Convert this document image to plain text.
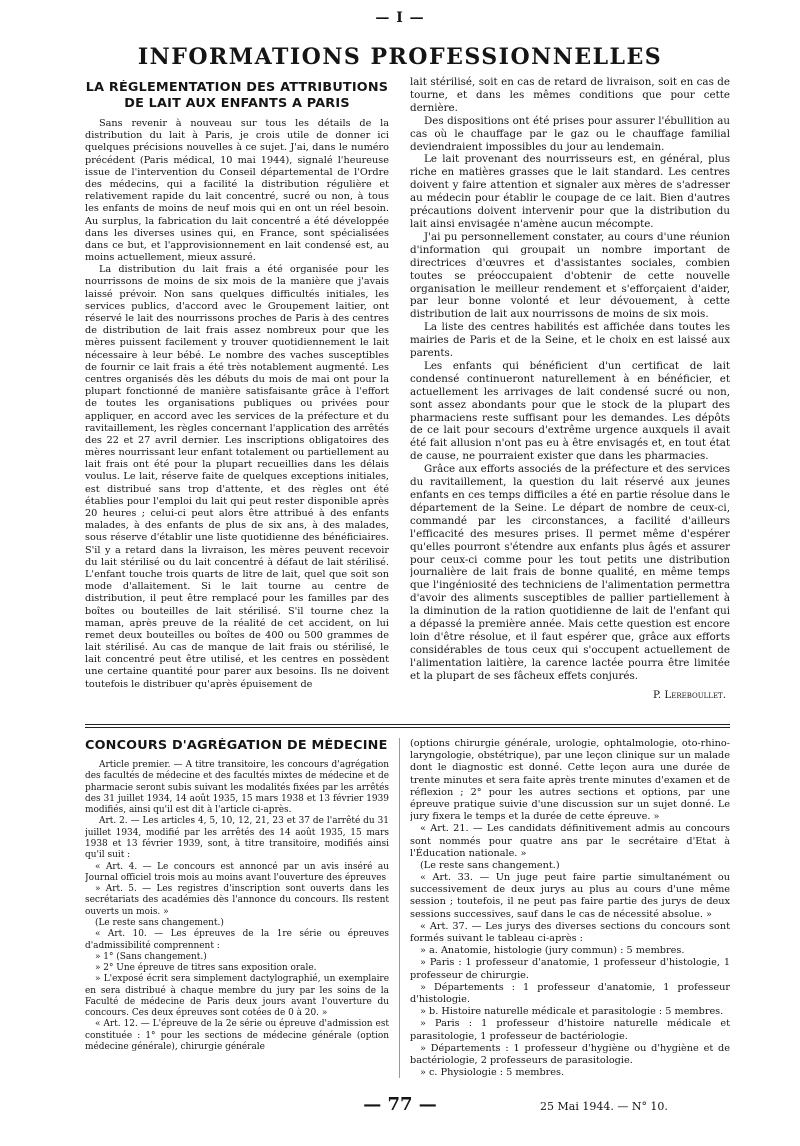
— I —
INFORMATIONS PROFESSIONNELLES
LA RÉGLEMENTATION DES ATTRIBUTIONS
DE LAIT AUX ENFANTS A PARIS

Sans revenir à nouveau sur tous les détails de la distribution du lait à Paris, je crois utile de donner ici quelques précisions nouvelles à ce sujet. J'ai, dans le numéro précédent (Paris médical, 10 mai 1944), signalé l'heureuse issue de l'intervention du Conseil départemental de l'Ordre des médecins, qui a facilité la distribution régulière et relativement rapide du lait concentré, sucré ou non, à tous les enfants de moins de neuf mois qui en ont un réel besoin. Au surplus, la fabrication du lait concentré a été développée dans les diverses usines qui, en France, sont spécialisées dans ce but, et l'approvisionnement en lait condensé est, au moins actuellement, mieux assuré.

La distribution du lait frais a été organisée pour les nourrissons de moins de six mois de la manière que j'avais laissé prévoir. Non sans quelques difficultés initiales, les services publics, d'accord avec le Groupement laitier, ont réservé le lait des nourrissons proches de Paris à des centres de distribution de lait frais assez nombreux pour que les mères puissent facilement y trouver quotidiennement le lait nécessaire à leur bébé. Le nombre des vaches susceptibles de fournir ce lait frais a été très notablement augmenté. Les centres organisés dès les débuts du mois de mai ont pour la plupart fonctionné de manière satisfaisante grâce à l'effort de toutes les organisations publiques ou privées pour appliquer, en accord avec les services de la préfecture et du ravitaillement, les règles concernant l'application des arrêtés des 22 et 27 avril dernier. Les inscriptions obligatoires des mères nourrissant leur enfant totalement ou partiellement au lait frais ont été pour la plupart recueillies dans les délais voulus. Le lait, réserve faite de quelques exceptions initiales, est distribué sans trop d'attente, et des règles ont été établies pour l'emploi du lait qui peut rester disponible après 20 heures ; celui-ci peut alors être attribué à des enfants malades, à des enfants de plus de six ans, à des malades, sous réserve d'établir une liste quotidienne des bénéficiaires. S'il y a retard dans la livraison, les mères peuvent recevoir du lait stérilisé ou du lait concentré à défaut de lait stérilisé. L'enfant touche trois quarts de litre de lait, quel que soit son mode d'allaitement. Si le lait tourne au centre de distribution, il peut être remplacé pour les familles par des boîtes ou bouteilles de lait stérilisé. S'il tourne chez la maman, après preuve de la réalité de cet accident, on lui remet deux bouteilles ou boîtes de 400 ou 500 grammes de lait stérilisé. Au cas de manque de lait frais ou stérilisé, le lait concentré peut être utilisé, et les centres en possèdent une certaine quantité pour parer aux besoins. Ils ne doivent toutefois le distribuer qu'après épuisement de

lait stérilisé, soit en cas de retard de livraison, soit en cas de tourne, et dans les mêmes conditions que pour cette dernière.

Des dispositions ont été prises pour assurer l'ébullition au cas où le chauffage par le gaz ou le chauffage familial deviendraient impossibles du jour au lendemain.

Le lait provenant des nourrisseurs est, en général, plus riche en matières grasses que le lait standard. Les centres doivent y faire attention et signaler aux mères de s'adresser au médecin pour établir le coupage de ce lait. Bien d'autres précautions doivent intervenir pour que la distribution du lait ainsi envisagée n'amène aucun mécompte.

J'ai pu personnellement constater, au cours d'une réunion d'information qui groupait un nombre important de directrices d'œuvres et d'assistantes sociales, combien toutes se préoccupaient d'obtenir de cette nouvelle organisation le meilleur rendement et s'efforçaient d'aider, par leur bonne volonté et leur dévouement, à cette distribution de lait aux nourrissons de moins de six mois.

La liste des centres habilités est affichée dans toutes les mairies de Paris et de la Seine, et le choix en est laissé aux parents.

Les enfants qui bénéficient d'un certificat de lait condensé continueront naturellement à en bénéficier, et actuellement les arrivages de lait condensé sucré ou non, sont assez abondants pour que le stock de la plupart des pharmaciens reste suffisant pour les demandes. Les dépôts de ce lait pour secours d'extrême urgence auxquels il avait été fait allusion n'ont pas eu à être envisagés et, en tout état de cause, ne pourraient exister que dans les pharmacies.

Grâce aux efforts associés de la préfecture et des services du ravitaillement, la question du lait réservé aux jeunes enfants en ces temps difficiles a été en partie résolue dans le département de la Seine. Le départ de nombre de ceux-ci, commandé par les circonstances, a facilité d'ailleurs l'efficacité des mesures prises. Il permet même d'espérer qu'elles pourront s'étendre aux enfants plus âgés et assurer pour ceux-ci comme pour les tout petits une distribution journalière de lait frais de bonne qualité, en même temps que l'ingéniosité des techniciens de l'alimentation permettra d'avoir des aliments susceptibles de pallier partiellement à la diminution de la ration quotidienne de lait de l'enfant qui a dépassé la première année. Mais cette question est encore loin d'être résolue, et il faut espérer que, grâce aux efforts considérables de tous ceux qui s'occupent actuellement de l'alimentation laitière, la carence lactée pourra être limitée et la plupart de ses fâcheux effets conjurés.

P. Lereboullet.
CONCOURS D'AGRÉGATION DE MÉDECINE

Article premier. — A titre transitoire, les concours d'agrégation des facultés de médecine et des facultés mixtes de médecine et de pharmacie seront subis suivant les modalités fixées par les arrêtés des 31 juillet 1934, 14 août 1935, 15 mars 1938 et 13 février 1939 modifiés, ainsi qu'il est dit à l'article ci-après.

Art. 2. — Les articles 4, 5, 10, 12, 21, 23 et 37 de l'arrêté du 31 juillet 1934, modifié par les arrêtés des 14 août 1935, 15 mars 1938 et 13 février 1939, sont, à titre transitoire, modifiés ainsi qu'il suit :

« Art. 4. — Le concours est annoncé par un avis inséré au Journal officiel trois mois au moins avant l'ouverture des épreuves

» Art. 5. — Les registres d'inscription sont ouverts dans les secrétariats des académies dès l'annonce du concours. Ils restent ouverts un mois. »

(Le reste sans changement.)

« Art. 10. — Les épreuves de la 1re série ou épreuves d'admissibilité comprennent :

» 1° (Sans changement.)

» 2° Une épreuve de titres sans exposition orale.

» L'exposé écrit sera simplement dactylographié, un exemplaire en sera distribué à chaque membre du jury par les soins de la Faculté de médecine de Paris deux jours avant l'ouverture du concours. Ces deux épreuves sont cotées de 0 à 20. »

« Art. 12. — L'épreuve de la 2e série ou épreuve d'admission est constituée : 1° pour les sections de médecine générale (option médecine générale), chirurgie générale

(options chirurgie générale, urologie, ophtalmologie, oto-rhino-laryngologie, obstétrique), par une leçon clinique sur un malade dont le diagnostic est donné. Cette leçon aura une durée de trente minutes et sera faite après trente minutes d'examen et de réflexion ; 2° pour les autres sections et options, par une épreuve pratique suivie d'une discussion sur un sujet donné. Le jury fixera le temps et la durée de cette épreuve. »

« Art. 21. — Les candidats définitivement admis au concours sont nommés pour quatre ans par le secrétaire d'Etat à l'Éducation nationale. »

(Le reste sans changement.)

« Art. 33. — Un juge peut faire partie simultanément ou successivement de deux jurys au plus au cours d'une même session ; toutefois, il ne peut pas faire partie des jurys de deux sessions successives, sauf dans le cas de nécessité absolue. »

« Art. 37. — Les jurys des diverses sections du concours sont formés suivant le tableau ci-après :

» a. Anatomie, histologie (jury commun) : 5 membres.

» Paris : 1 professeur d'anatomie, 1 professeur d'histologie, 1 professeur de chirurgie.

» Départements : 1 professeur d'anatomie, 1 professeur d'histologie.

» b. Histoire naturelle médicale et parasitologie : 5 membres.

» Paris : 1 professeur d'histoire naturelle médicale et parasitologie, 1 professeur de bactériologie.

» Départements : 1 professeur d'hygiène ou d'hygiène et de bactériologie, 2 professeurs de parasitologie.

» c. Physiologie : 5 membres.

— 77 —	25 Mai 1944. — N° 10.
